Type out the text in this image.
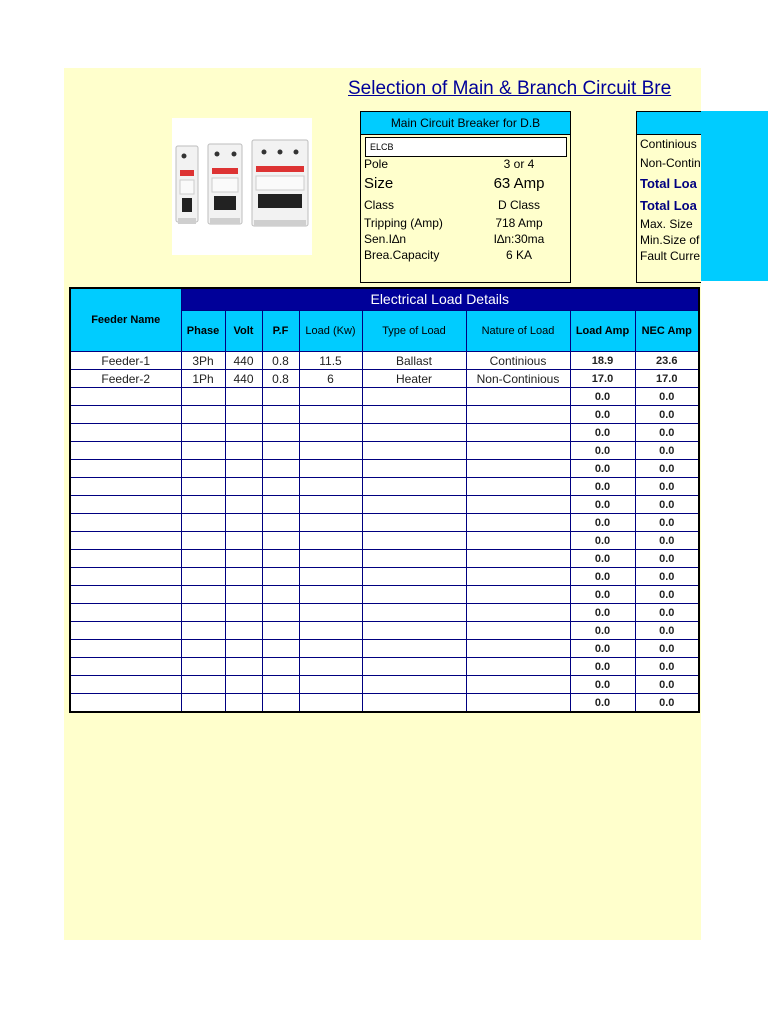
Selection of Main & Branch Circuit Bre
Main Circuit Breaker for D.B
ELCB
Pole	3 or 4
Size	63 Amp
Class	D Class
Tripping (Amp)	718 Amp
Sen.I∆n	I∆n:30ma
Brea.Capacity	6 KA
Continious
Non-Contin
Total Loa
Total Loa
Max. Size
Min.Size of
Fault Curre
Feeder Name	Electrical Load Details							
	Phase	Volt	P.F	Load (Kw)	Type of Load	Nature of Load	Load Amp	NEC Amp
Feeder-1	3Ph	440	0.8	11.5	Ballast	Continious	18.9	23.6
Feeder-2	1Ph	440	0.8	6	Heater	Non-Continious	17.0	17.0
							0.0	0.0
							0.0	0.0
							0.0	0.0
							0.0	0.0
							0.0	0.0
							0.0	0.0
							0.0	0.0
							0.0	0.0
							0.0	0.0
							0.0	0.0
							0.0	0.0
							0.0	0.0
							0.0	0.0
							0.0	0.0
							0.0	0.0
							0.0	0.0
							0.0	0.0
							0.0	0.0
